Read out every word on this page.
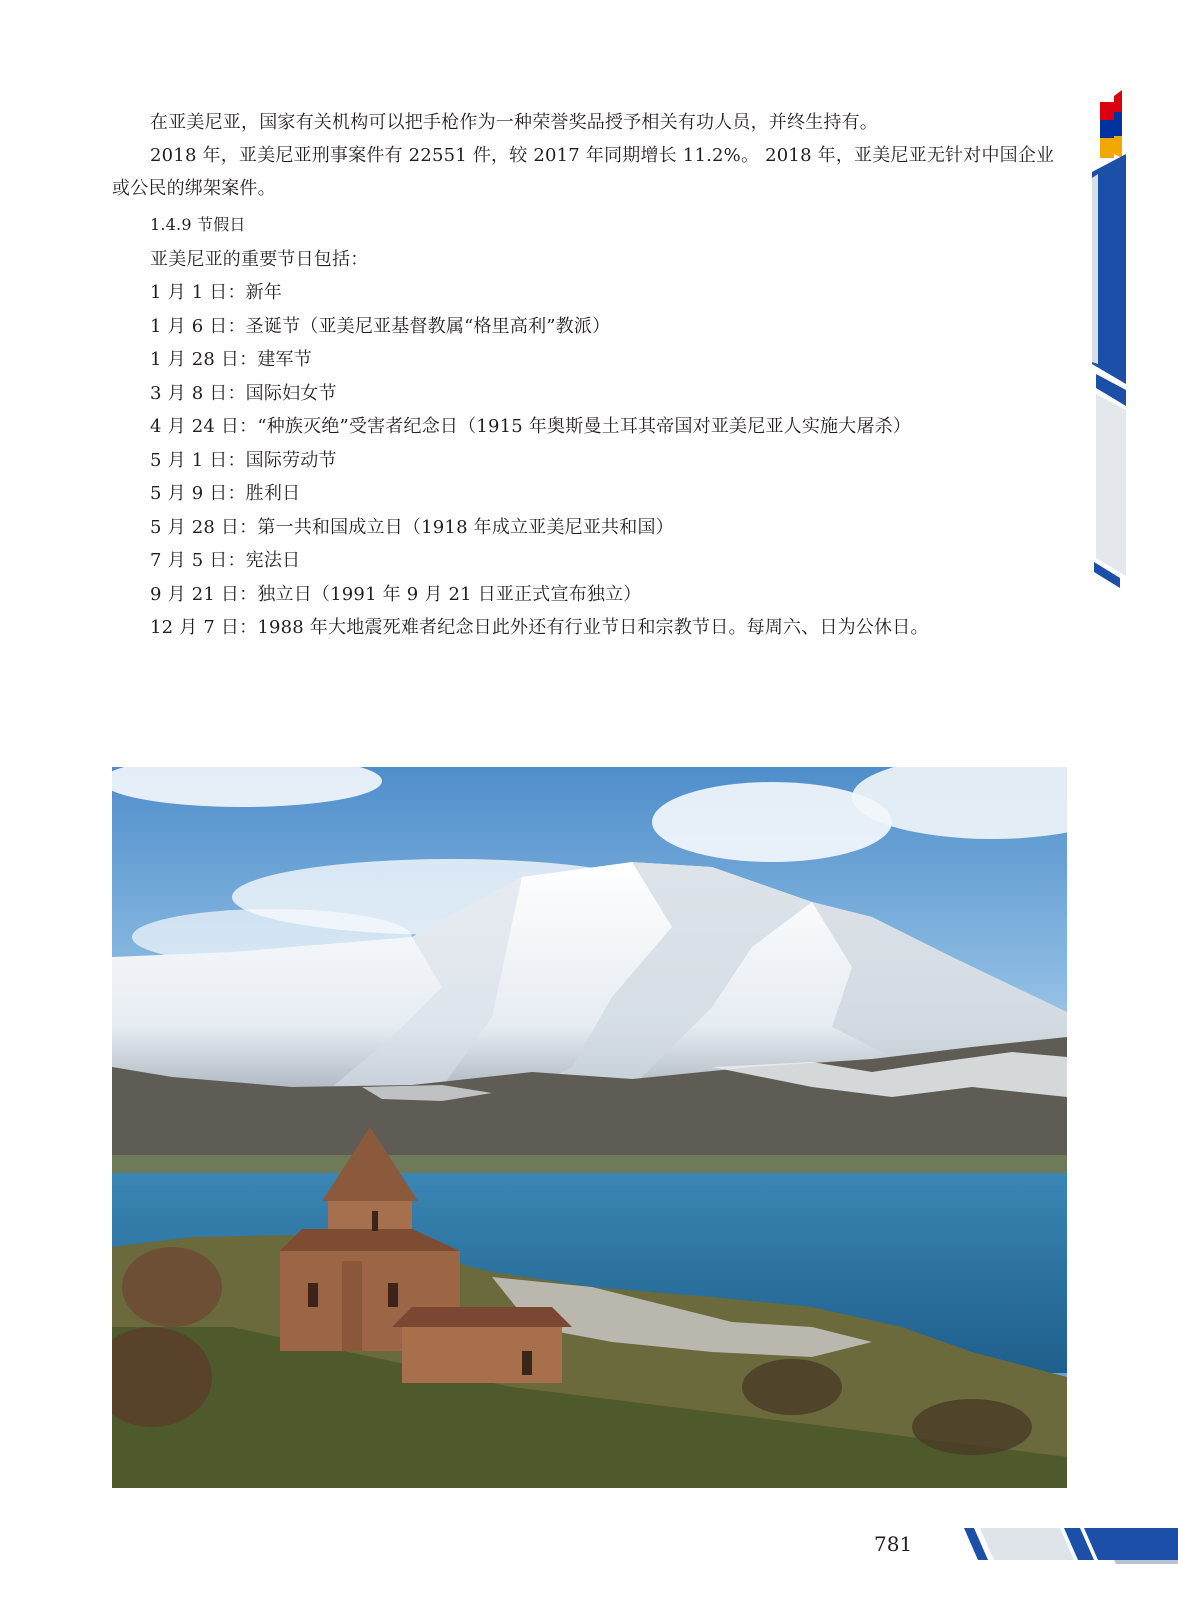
在亚美尼亚，国家有关机构可以把手枪作为一种荣誉奖品授予相关有功人员，并终生持有。

2018 年，亚美尼亚刑事案件有 22551 件，较 2017 年同期增长 11.2%。 2018 年，亚美尼亚无针对中国企业或公民的绑架案件。

1.4.9 节假日

亚美尼亚的重要节日包括：

1 月 1 日：新年
1 月 6 日：圣诞节（亚美尼亚基督教属“格里高利”教派）
1 月 28 日：建军节
3 月 8 日：国际妇女节
4 月 24 日：“种族灭绝”受害者纪念日（1915 年奥斯曼土耳其帝国对亚美尼亚人实施大屠杀）
5 月 1 日：国际劳动节
5 月 9 日：胜利日
5 月 28 日：第一共和国成立日（1918 年成立亚美尼亚共和国）
7 月 5 日：宪法日
9 月 21 日：独立日（1991 年 9 月 21 日亚正式宣布独立）
12 月 7 日：1988 年大地震死难者纪念日此外还有行业节日和宗教节日。每周六、日为公休日。
781
